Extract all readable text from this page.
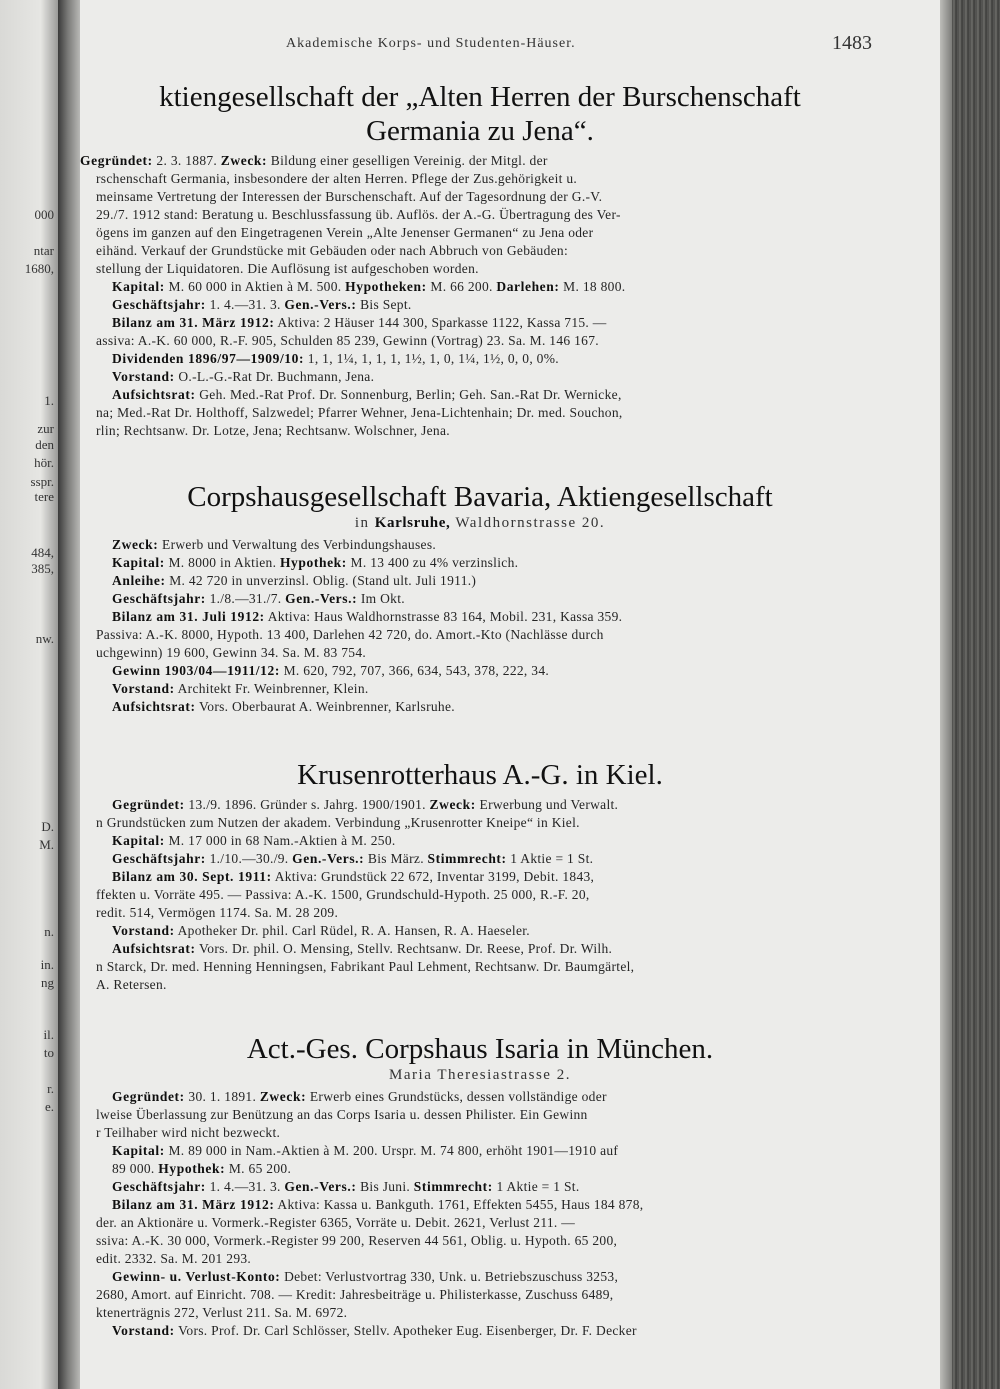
000
ntar
1680,
1.
zur
den
hör.
sspr.
tere
484,
385,
nw.
D.
M.
n.
in.
ng
il.
to
r.
e.
Akademische Korps- und Studenten-Häuser.	1483
ktiengesellschaft der „Alten Herren der Burschenschaft
Germania zu Jena“.
Gegründet: 2. 3. 1887. Zweck: Bildung einer geselligen Vereinig. der Mitgl. der
rschenschaft Germania, insbesondere der alten Herren. Pflege der Zus.gehörigkeit u.
meinsame Vertretung der Interessen der Burschenschaft. Auf der Tagesordnung der G.-V.
29./7. 1912 stand: Beratung u. Beschlussfassung üb. Auflös. der A.-G. Übertragung des Ver-
ögens im ganzen auf den Eingetragenen Verein „Alte Jenenser Germanen“ zu Jena oder
eihänd. Verkauf der Grundstücke mit Gebäuden oder nach Abbruch von Gebäuden:
stellung der Liquidatoren. Die Auflösung ist aufgeschoben worden.
Kapital: M. 60 000 in Aktien à M. 500. Hypotheken: M. 66 200. Darlehen: M. 18 800.
Geschäftsjahr: 1. 4.—31. 3. Gen.-Vers.: Bis Sept.
Bilanz am 31. März 1912: Aktiva: 2 Häuser 144 300, Sparkasse 1122, Kassa 715. —
assiva: A.-K. 60 000, R.-F. 905, Schulden 85 239, Gewinn (Vortrag) 23. Sa. M. 146 167.
Dividenden 1896/97—1909/10: 1, 1, 1¼, 1, 1, 1, 1½, 1, 0, 1¼, 1½, 0, 0, 0%.
Vorstand: O.-L.-G.-Rat Dr. Buchmann, Jena.
Aufsichtsrat: Geh. Med.-Rat Prof. Dr. Sonnenburg, Berlin; Geh. San.-Rat Dr. Wernicke,
na; Med.-Rat Dr. Holthoff, Salzwedel; Pfarrer Wehner, Jena-Lichtenhain; Dr. med. Souchon,
rlin; Rechtsanw. Dr. Lotze, Jena; Rechtsanw. Wolschner, Jena.
Corpshausgesellschaft Bavaria, Aktiengesellschaft
in Karlsruhe, Waldhornstrasse 20.
Zweck: Erwerb und Verwaltung des Verbindungshauses.
Kapital: M. 8000 in Aktien. Hypothek: M. 13 400 zu 4% verzinslich.
Anleihe: M. 42 720 in unverzinsl. Oblig. (Stand ult. Juli 1911.)
Geschäftsjahr: 1./8.—31./7. Gen.-Vers.: Im Okt.
Bilanz am 31. Juli 1912: Aktiva: Haus Waldhornstrasse 83 164, Mobil. 231, Kassa 359.
Passiva: A.-K. 8000, Hypoth. 13 400, Darlehen 42 720, do. Amort.-Kto (Nachlässe durch
uchgewinn) 19 600, Gewinn 34. Sa. M. 83 754.
Gewinn 1903/04—1911/12: M. 620, 792, 707, 366, 634, 543, 378, 222, 34.
Vorstand: Architekt Fr. Weinbrenner, Klein.
Aufsichtsrat: Vors. Oberbaurat A. Weinbrenner, Karlsruhe.
Krusenrotterhaus A.-G. in Kiel.
Gegründet: 13./9. 1896. Gründer s. Jahrg. 1900/1901. Zweck: Erwerbung und Verwalt.
n Grundstücken zum Nutzen der akadem. Verbindung „Krusenrotter Kneipe“ in Kiel.
Kapital: M. 17 000 in 68 Nam.-Aktien à M. 250.
Geschäftsjahr: 1./10.—30./9. Gen.-Vers.: Bis März. Stimmrecht: 1 Aktie = 1 St.
Bilanz am 30. Sept. 1911: Aktiva: Grundstück 22 672, Inventar 3199, Debit. 1843,
ffekten u. Vorräte 495. — Passiva: A.-K. 1500, Grundschuld-Hypoth. 25 000, R.-F. 20,
redit. 514, Vermögen 1174. Sa. M. 28 209.
Vorstand: Apotheker Dr. phil. Carl Rüdel, R. A. Hansen, R. A. Haeseler.
Aufsichtsrat: Vors. Dr. phil. O. Mensing, Stellv. Rechtsanw. Dr. Reese, Prof. Dr. Wilh.
n Starck, Dr. med. Henning Henningsen, Fabrikant Paul Lehment, Rechtsanw. Dr. Baumgärtel,
A. Retersen.
Act.-Ges. Corpshaus Isaria in München.
Maria Theresiastrasse 2.
Gegründet: 30. 1. 1891. Zweck: Erwerb eines Grundstücks, dessen vollständige oder
lweise Überlassung zur Benützung an das Corps Isaria u. dessen Philister. Ein Gewinn
r Teilhaber wird nicht bezweckt.
Kapital: M. 89 000 in Nam.-Aktien à M. 200. Urspr. M. 74 800, erhöht 1901—1910 auf
89 000. Hypothek: M. 65 200.
Geschäftsjahr: 1. 4.—31. 3. Gen.-Vers.: Bis Juni. Stimmrecht: 1 Aktie = 1 St.
Bilanz am 31. März 1912: Aktiva: Kassa u. Bankguth. 1761, Effekten 5455, Haus 184 878,
der. an Aktionäre u. Vormerk.-Register 6365, Vorräte u. Debit. 2621, Verlust 211. —
ssiva: A.-K. 30 000, Vormerk.-Register 99 200, Reserven 44 561, Oblig. u. Hypoth. 65 200,
edit. 2332. Sa. M. 201 293.
Gewinn- u. Verlust-Konto: Debet: Verlustvortrag 330, Unk. u. Betriebszuschuss 3253,
2680, Amort. auf Einricht. 708. — Kredit: Jahresbeiträge u. Philisterkasse, Zuschuss 6489,
ktenerträgnis 272, Verlust 211. Sa. M. 6972.
Vorstand: Vors. Prof. Dr. Carl Schlösser, Stellv. Apotheker Eug. Eisenberger, Dr. F. Decker
